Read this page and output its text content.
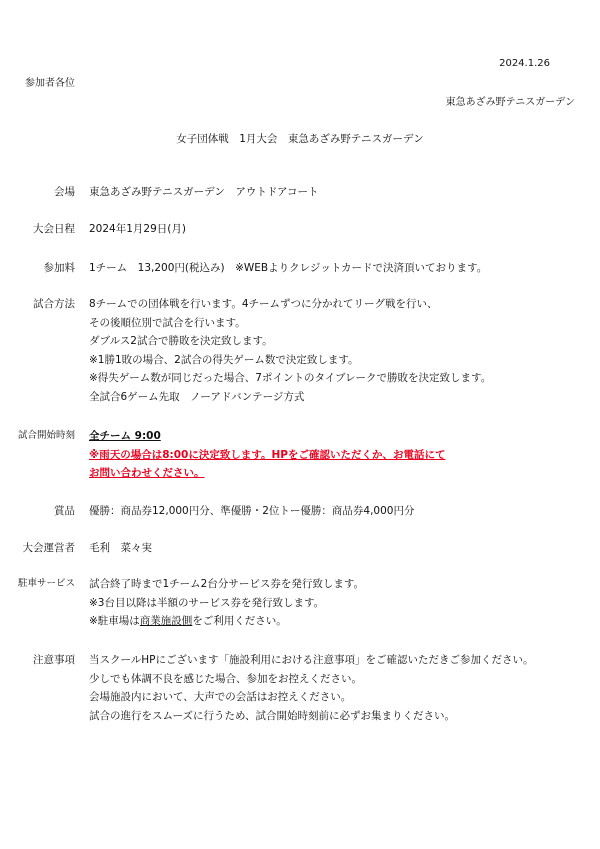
2024.1.26
参加者各位
東急あざみ野テニスガーデン
女子団体戦　1月大会　東急あざみ野テニスガーデン
会場 東急あざみ野テニスガーデン　アウトドアコート
大会日程 2024年1月29日(月)
参加料 1チーム　13,200円(税込み)　※WEBよりクレジットカードで決済頂いております。
試合方法 8チームでの団体戦を行います。4チームずつに分かれてリーグ戦を行い、
その後順位別で試合を行います。
ダブルス2試合で勝敗を決定致します。
※1勝1敗の場合、2試合の得失ゲーム数で決定致します。
※得失ゲーム数が同じだった場合、7ポイントのタイブレークで勝敗を決定致します。
全試合6ゲーム先取　ノーアドバンテージ方式
試合開始時刻 全チーム 9:00
※雨天の場合は8:00に決定致します。HPをご確認いただくか、お電話にて
お問い合わせください。
賞品 優勝：商品券12,000円分、準優勝・2位トー優勝：商品券4,000円分
大会運営者 毛利　菜々実
駐車サービス 試合終了時まで1チーム2台分サービス券を発行致します。
※3台目以降は半額のサービス券を発行致します。
※駐車場は商業施設側をご利用ください。
注意事項 当スクールHPにございます「施設利用における注意事項」をご確認いただきご参加ください。
少しでも体調不良を感じた場合、参加をお控えください。
会場施設内において、大声での会話はお控えください。
試合の進行をスムーズに行うため、試合開始時刻前に必ずお集まりください。
